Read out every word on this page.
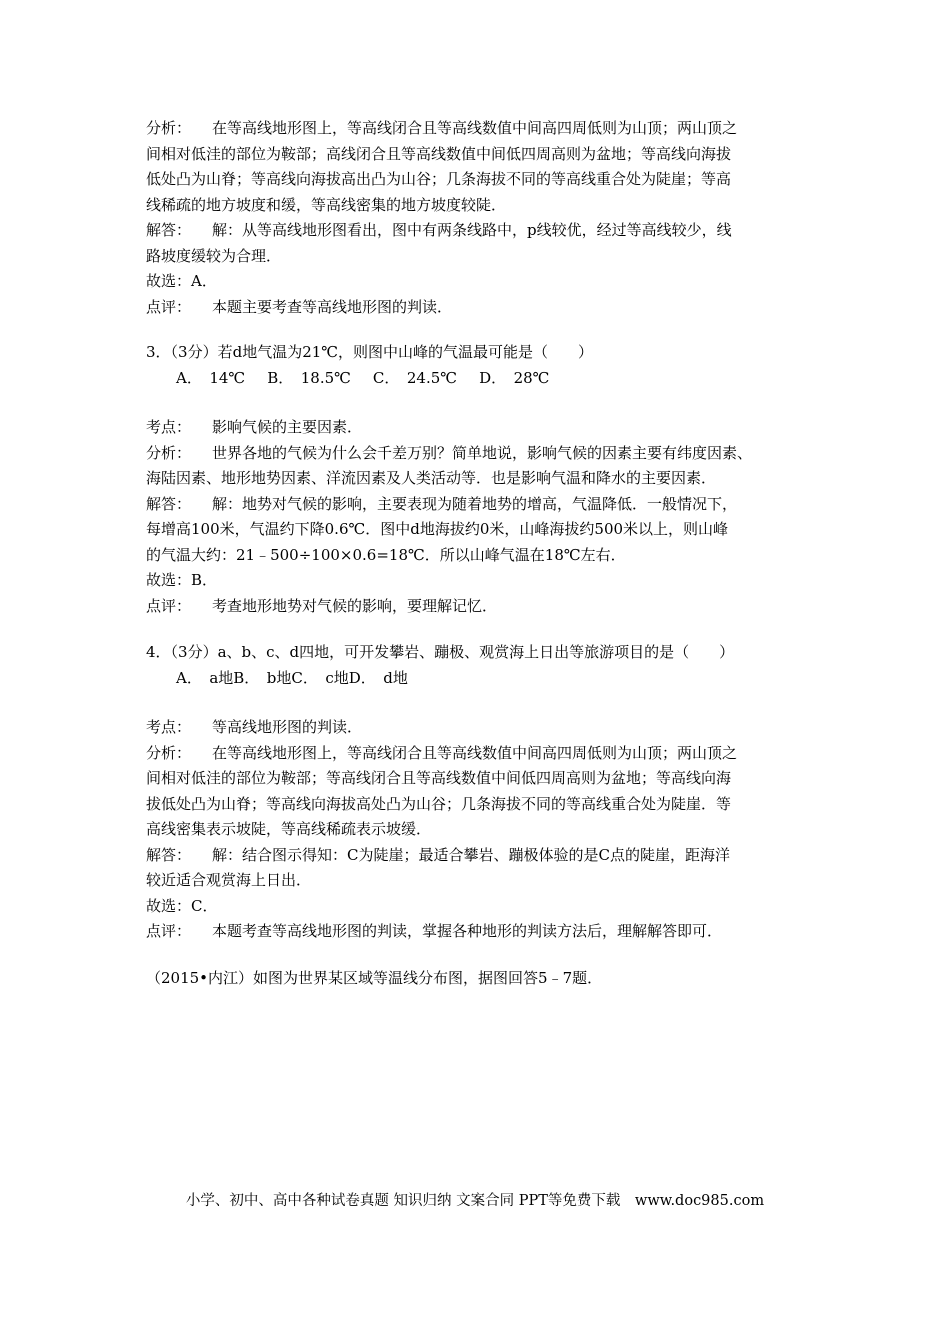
分析： 在等高线地形图上，等高线闭合且等高线数值中间高四周低则为山顶；两山顶之
间相对低洼的部位为鞍部；高线闭合且等高线数值中间低四周高则为盆地；等高线向海拔
低处凸为山脊；等高线向海拔高出凸为山谷；几条海拔不同的等高线重合处为陡崖；等高
线稀疏的地方坡度和缓，等高线密集的地方坡度较陡．
解答： 解：从等高线地形图看出，图中有两条线路中，p线较优，经过等高线较少，线
路坡度缓较为合理．
故选：A．
点评： 本题主要考查等高线地形图的判读．
3．（3分）若d地气温为21℃，则图中山峰的气温最可能是（　　）
A．　14℃ B．　18.5℃ C．　24.5℃ D．　28℃
考点： 影响气候的主要因素．
分析： 世界各地的气候为什么会千差万别？简单地说，影响气候的因素主要有纬度因素、
海陆因素、地形地势因素、洋流因素及人类活动等．也是影响气温和降水的主要因素．
解答： 解：地势对气候的影响，主要表现为随着地势的增高，气温降低．一般情况下，
每增高100米，气温约下降0.6℃．图中d地海拔约0米，山峰海拔约500米以上，则山峰
的气温大约：21﹣500÷100×0.6=18℃．所以山峰气温在18℃左右．
故选：B．
点评： 考查地形地势对气候的影响，要理解记忆．
4．（3分）a、b、c、d四地，可开发攀岩、蹦极、观赏海上日出等旅游项目的是（　　）
A．　a地B．　b地C．　c地D．　d地
考点： 等高线地形图的判读．
分析： 在等高线地形图上，等高线闭合且等高线数值中间高四周低则为山顶；两山顶之
间相对低洼的部位为鞍部；等高线闭合且等高线数值中间低四周高则为盆地；等高线向海
拔低处凸为山脊；等高线向海拔高处凸为山谷；几条海拔不同的等高线重合处为陡崖．等
高线密集表示坡陡，等高线稀疏表示坡缓．
解答： 解：结合图示得知：C为陡崖；最适合攀岩、蹦极体验的是C点的陡崖，距海洋
较近适合观赏海上日出．
故选：C．
点评： 本题考查等高线地形图的判读，掌握各种地形的判读方法后，理解解答即可．
（2015•内江）如图为世界某区域等温线分布图，据图回答5﹣7题．
小学、初中、高中各种试卷真题 知识归纳 文案合同 PPT等免费下载　www.doc985.com
